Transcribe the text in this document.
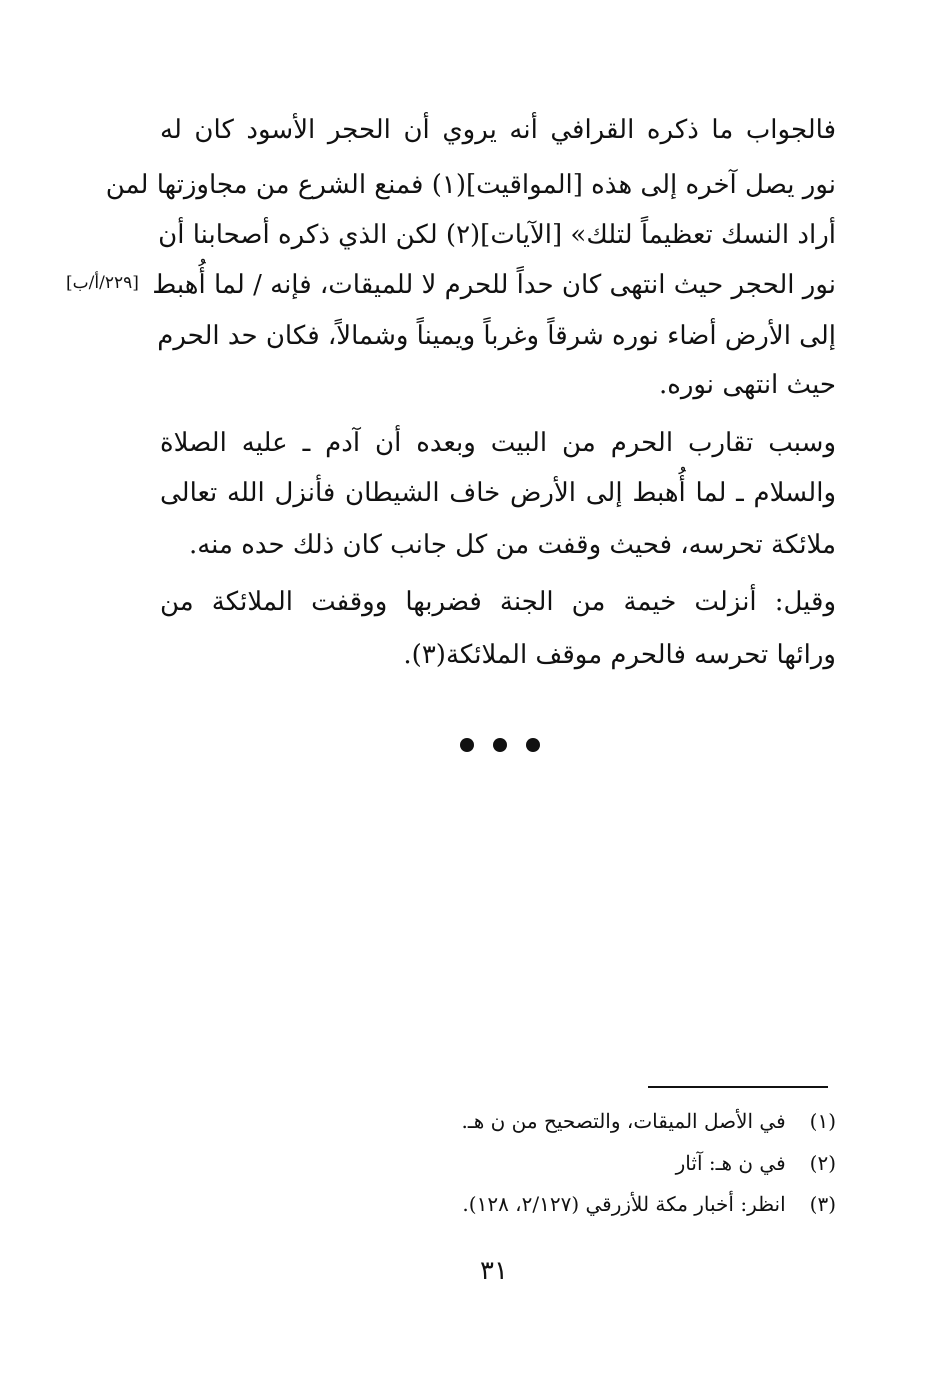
فالجواب ما ذكره القرافي أنه يروي أن الحجر الأسود كان له
نور يصل آخره إلى هذه [المواقيت](١) فمنع الشرع من مجاوزتها لمن
أراد النسك تعظيماً لتلك» [الآيات](٢) لكن الذي ذكره أصحابنا أن
نور الحجر حيث انتهى كان حداً للحرم لا للميقات، فإنه / لما أُهبط
إلى الأرض أضاء نوره شرقاً وغرباً ويميناً وشمالاً، فكان حد الحرم
حيث انتهى نوره.
[٢٢٩/أ/ب]
وسبب تقارب الحرم من البيت وبعده أن آدم ـ عليه الصلاة
والسلام ـ لما أُهبط إلى الأرض خاف الشيطان فأنزل الله تعالى
ملائكة تحرسه، فحيث وقفت من كل جانب كان ذلك حده منه.
وقيل: أنزلت خيمة من الجنة فضربها ووقفت الملائكة من
ورائها تحرسه فالحرم موقف الملائكة(٣).
(١) في الأصل الميقات، والتصحيح من ن هـ.
(٢) في ن هـ: آثار
(٣) انظر: أخبار مكة للأزرقي (٢/١٢٧، ١٢٨).
٣١
